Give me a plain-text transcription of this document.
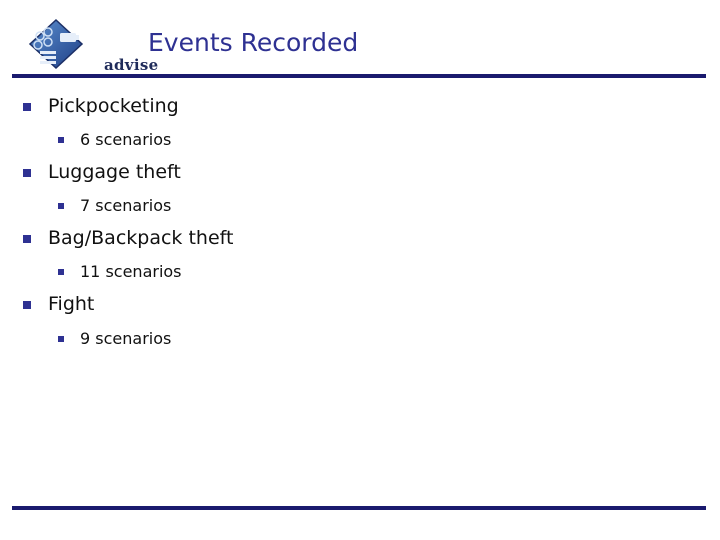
advise
Events Recorded
Pickpocketing
6 scenarios
Luggage theft
7 scenarios
Bag/Backpack theft
11 scenarios
Fight
9 scenarios
